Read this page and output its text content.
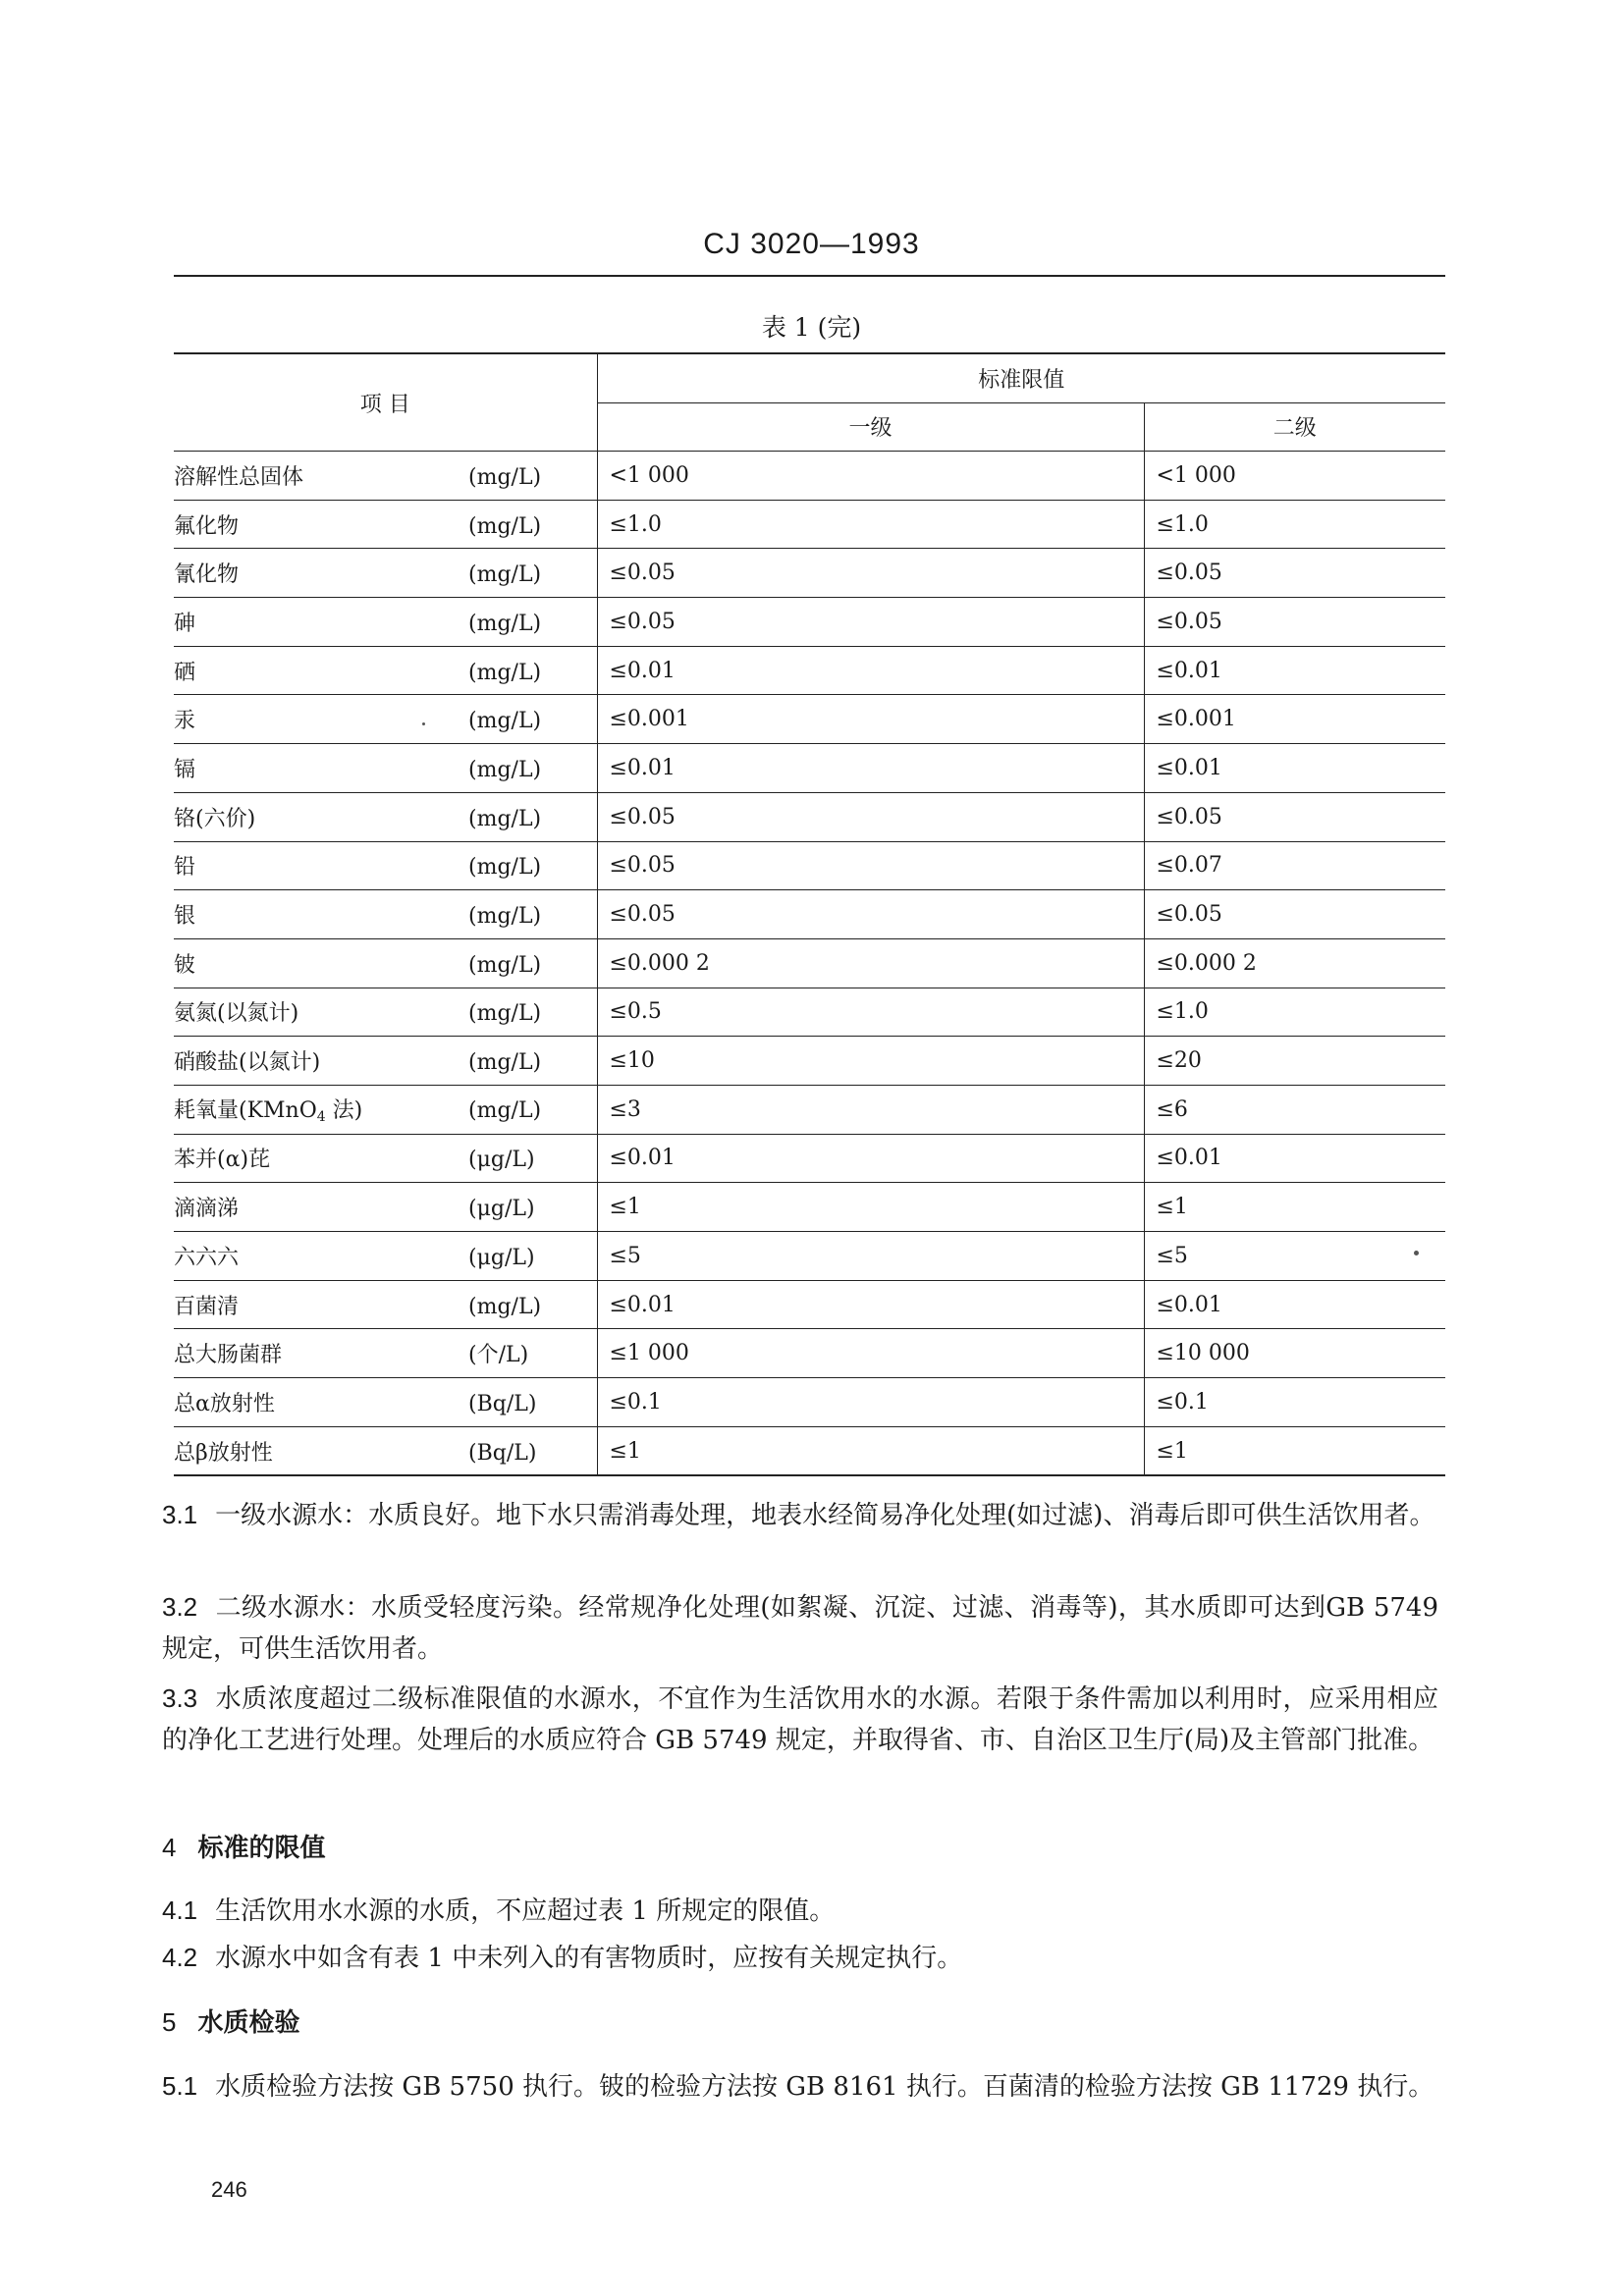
CJ 3020—1993
表 1 (完)
项 目	标准限值	
	一级	二级
溶解性总固体 (mg/L)	<1 000	<1 000
氟化物 (mg/L)	≤1.0	≤1.0
氰化物 (mg/L)	≤0.05	≤0.05
砷 (mg/L)	≤0.05	≤0.05
硒 (mg/L)	≤0.01	≤0.01
汞 (mg/L)	≤0.001	≤0.001
镉 (mg/L)	≤0.01	≤0.01
铬(六价) (mg/L)	≤0.05	≤0.05
铅 (mg/L)	≤0.05	≤0.07
银 (mg/L)	≤0.05	≤0.05
铍 (mg/L)	≤0.000 2	≤0.000 2
氨氮(以氮计) (mg/L)	≤0.5	≤1.0
硝酸盐(以氮计) (mg/L)	≤10	≤20
耗氧量(KMnO$_4$ 法) (mg/L)	≤3	≤6
苯并(α)芘 (μg/L)	≤0.01	≤0.01
滴滴涕 (μg/L)	≤1	≤1
六六六 (μg/L)	≤5	≤5
百菌清 (mg/L)	≤0.01	≤0.01
总大肠菌群 (个/L)	≤1 000	≤10 000
总α放射性 (Bq/L)	≤0.1	≤0.1
总β放射性 (Bq/L)	≤1	≤1

3.1 一级水源水：水质良好。地下水只需消毒处理，地表水经简易净化处理(如过滤)、消毒后即可供生活饮用者。

3.2 二级水源水：水质受轻度污染。经常规净化处理(如絮凝、沉淀、过滤、消毒等)，其水质即可达到GB 5749规定，可供生活饮用者。

3.3 水质浓度超过二级标准限值的水源水，不宜作为生活饮用水的水源。若限于条件需加以利用时，应采用相应的净化工艺进行处理。处理后的水质应符合 GB 5749 规定，并取得省、市、自治区卫生厅(局)及主管部门批准。

4 标准的限值

4.1 生活饮用水水源的水质，不应超过表 1 所规定的限值。

4.2 水源水中如含有表 1 中未列入的有害物质时，应按有关规定执行。

5 水质检验

5.1 水质检验方法按 GB 5750 执行。铍的检验方法按 GB 8161 执行。百菌清的检验方法按 GB 11729 执行。

246
